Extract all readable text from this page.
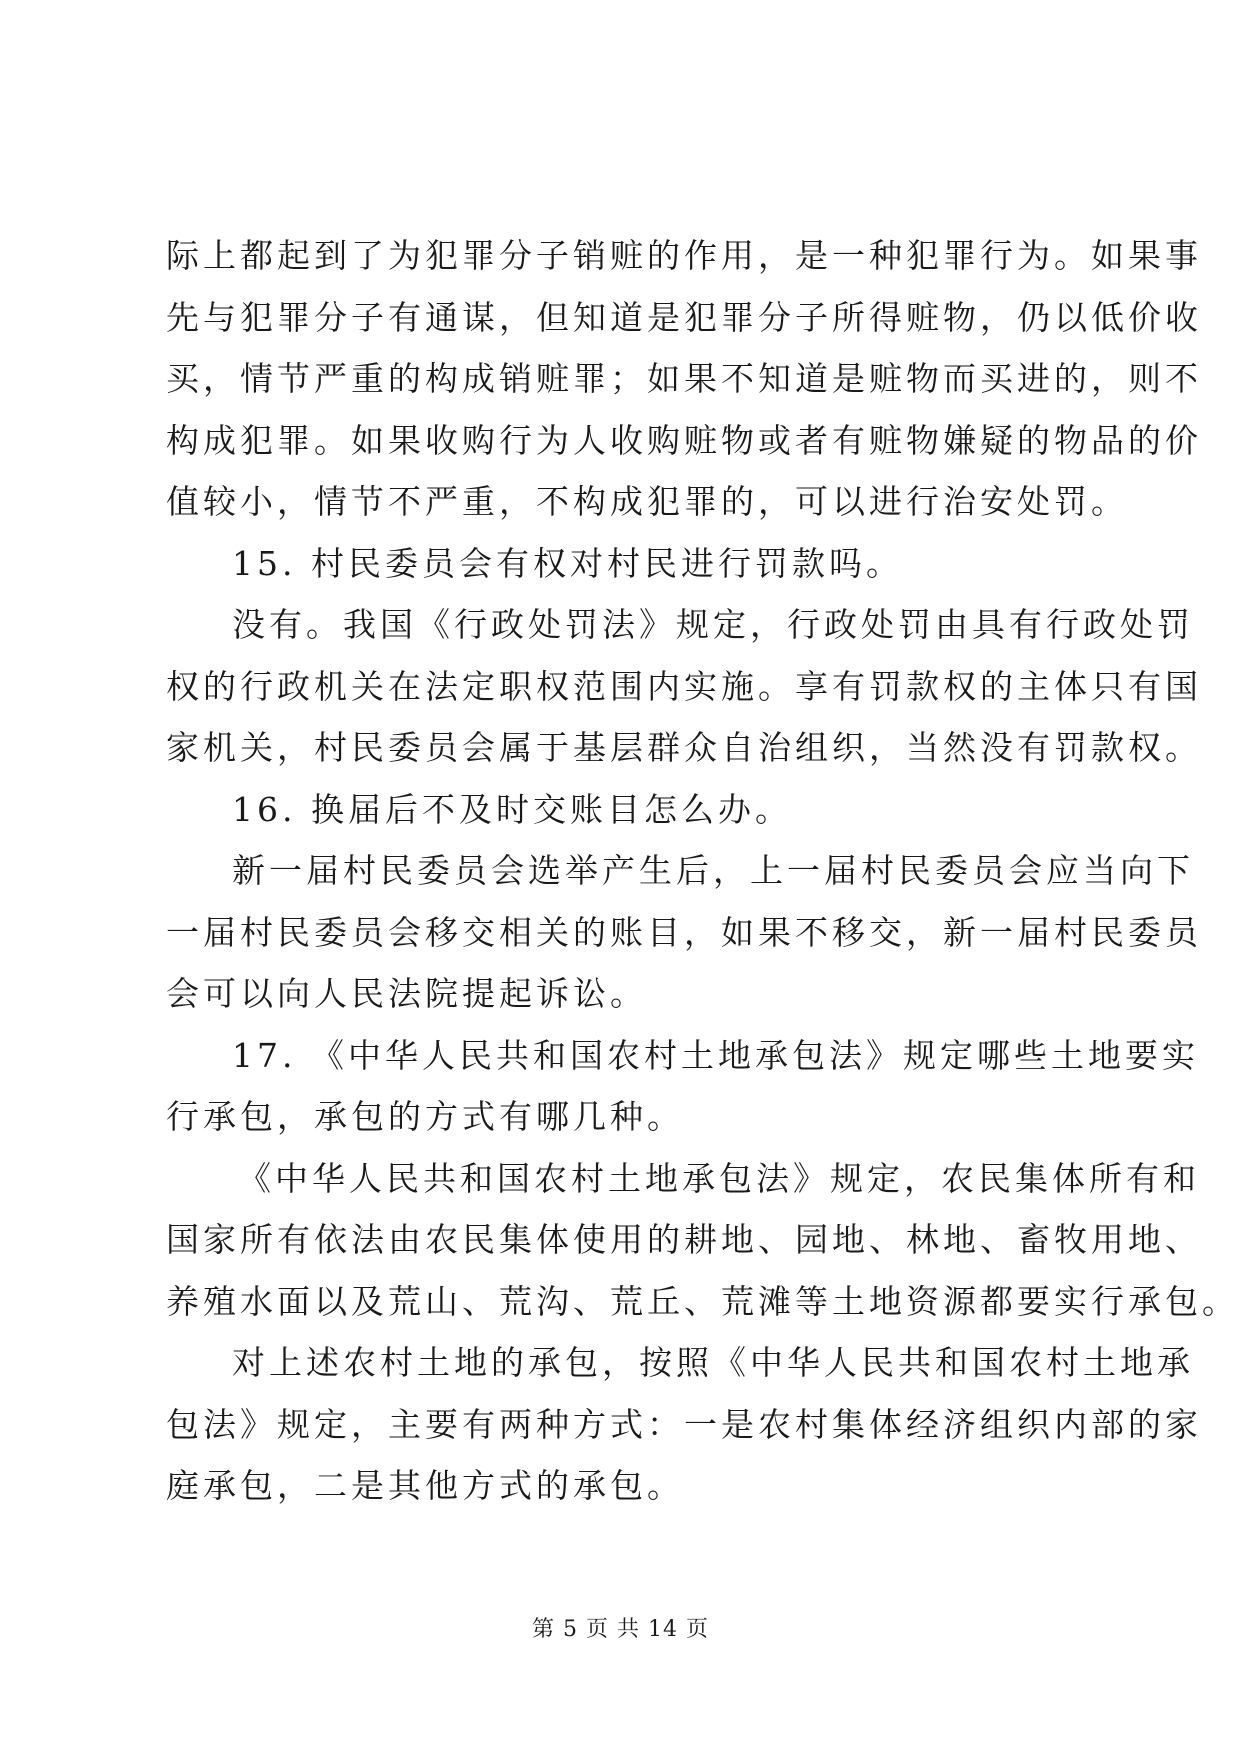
际上都起到了为犯罪分子销赃的作用，是一种犯罪行为。如果事
先与犯罪分子有通谋，但知道是犯罪分子所得赃物，仍以低价收
买，情节严重的构成销赃罪；如果不知道是赃物而买进的，则不
构成犯罪。如果收购行为人收购赃物或者有赃物嫌疑的物品的价
值较小，情节不严重，不构成犯罪的，可以进行治安处罚。
15. 村民委员会有权对村民进行罚款吗。
没有。我国《行政处罚法》规定，行政处罚由具有行政处罚
权的行政机关在法定职权范围内实施。享有罚款权的主体只有国
家机关，村民委员会属于基层群众自治组织，当然没有罚款权。
16. 换届后不及时交账目怎么办。
新一届村民委员会选举产生后，上一届村民委员会应当向下
一届村民委员会移交相关的账目，如果不移交，新一届村民委员
会可以向人民法院提起诉讼。
17. 《中华人民共和国农村土地承包法》规定哪些土地要实
行承包，承包的方式有哪几种。
《中华人民共和国农村土地承包法》规定，农民集体所有和
国家所有依法由农民集体使用的耕地、园地、林地、畜牧用地、
养殖水面以及荒山、荒沟、荒丘、荒滩等土地资源都要实行承包。
对上述农村土地的承包，按照《中华人民共和国农村土地承
包法》规定，主要有两种方式：一是农村集体经济组织内部的家
庭承包，二是其他方式的承包。
第 5 页 共 14 页
